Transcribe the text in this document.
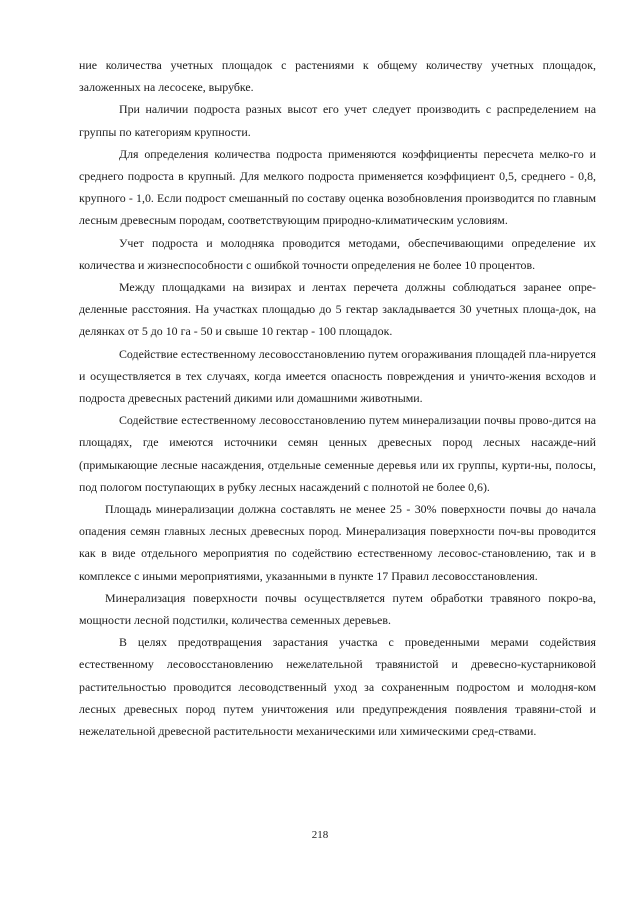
ние количества учетных площадок с растениями к общему количеству учетных площадок, заложенных на лесосеке, вырубке.

При наличии подроста разных высот его учет следует производить с распределением на группы по категориям крупности.

Для определения количества подроста применяются коэффициенты пересчета мелко-го и среднего подроста в крупный. Для мелкого подроста применяется коэффициент 0,5, среднего - 0,8, крупного - 1,0. Если подрост смешанный по составу оценка возобновления производится по главным лесным древесным породам, соответствующим природно-климатическим условиям.

Учет подроста и молодняка проводится методами, обеспечивающими определение их количества и жизнеспособности с ошибкой точности определения не более 10 процентов.

Между площадками на визирах и лентах перечета должны соблюдаться заранее опре-деленные расстояния. На участках площадью до 5 гектар закладывается 30 учетных площа-док, на делянках от 5 до 10 га - 50 и свыше 10 гектар - 100 площадок.

Содействие естественному лесовосстановлению путем огораживания площадей пла-нируется и осуществляется в тех случаях, когда имеется опасность повреждения и уничто-жения всходов и подроста древесных растений дикими или домашними животными.

Содействие естественному лесовосстановлению путем минерализации почвы прово-дится на площадях, где имеются источники семян ценных древесных пород лесных насажде-ний (примыкающие лесные насаждения, отдельные семенные деревья или их группы, курти-ны, полосы, под пологом поступающих в рубку лесных насаждений с полнотой не более 0,6).

Площадь минерализации должна составлять не менее 25 - 30% поверхности почвы до начала опадения семян главных лесных древесных пород. Минерализация поверхности поч-вы проводится как в виде отдельного мероприятия по содействию естественному лесовос-становлению, так и в комплексе с иными мероприятиями, указанными в пункте 17 Правил лесовосстановления.

Минерализация поверхности почвы осуществляется путем обработки травяного покро-ва, мощности лесной подстилки, количества семенных деревьев.

В целях предотвращения зарастания участка с проведенными мерами содействия естественному лесовосстановлению нежелательной травянистой и древесно-кустарниковой растительностью проводится лесоводственный уход за сохраненным подростом и молодня-ком лесных древесных пород путем уничтожения или предупреждения появления травяни-стой и нежелательной древесной растительности механическими или химическими сред-ствами.

218
